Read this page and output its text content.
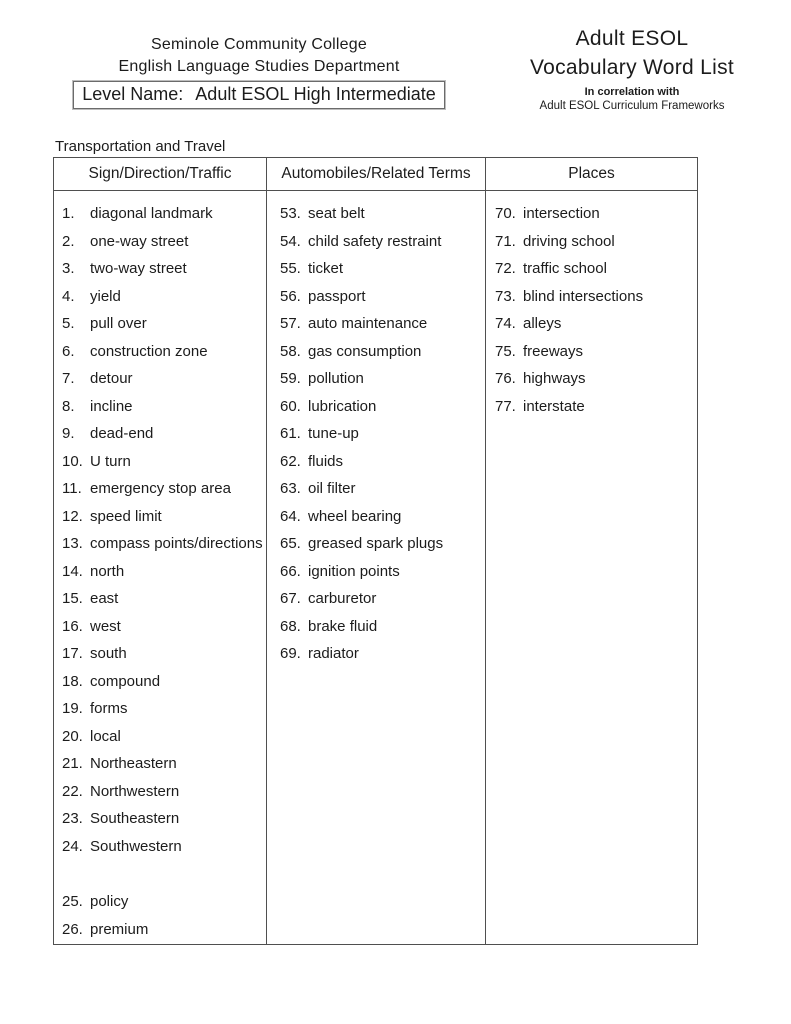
Seminole Community College
English Language Studies Department
Level Name: Adult ESOL High Intermediate
Adult ESOL
Vocabulary Word List
In correlation with
Adult ESOL Curriculum Frameworks
Transportation and Travel
Sign/Direction/Traffic
1.	diagonal landmark
2.	one-way street
3.	two-way street
4.	yield
5.	pull over
6.	construction zone
7.	detour
8.	incline
9.	dead-end
10. U turn
11. emergency stop area
12. speed limit
13. compass points/directions
14. north
15. east
16. west
17. south
18. compound
19. forms
20. local
21. Northeastern
22. Northwestern
23. Southeastern
24. Southwestern
25. policy
26. premium
Automobiles/Related Terms
53. seat belt
54. child safety restraint
55. ticket
56. passport
57. auto maintenance
58. gas consumption
59. pollution
60. lubrication
61. tune-up
62. fluids
63. oil filter
64. wheel bearing
65. greased spark plugs
66. ignition points
67. carburetor
68. brake fluid
69. radiator
Places
70. intersection
71. driving school
72. traffic school
73. blind intersections
74. alleys
75. freeways
76. highways
77. interstate
